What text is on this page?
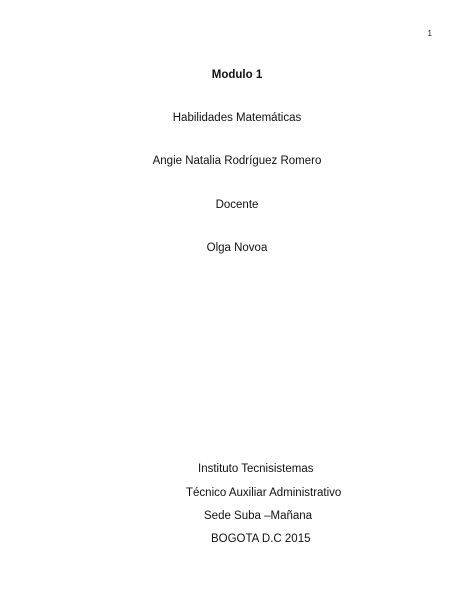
1
Modulo 1
Habilidades Matemáticas
Angie Natalia Rodríguez Romero
Docente
Olga Novoa
Instituto Tecnisistemas
Técnico Auxiliar Administrativo
Sede Suba –Mañana
BOGOTA D.C 2015
